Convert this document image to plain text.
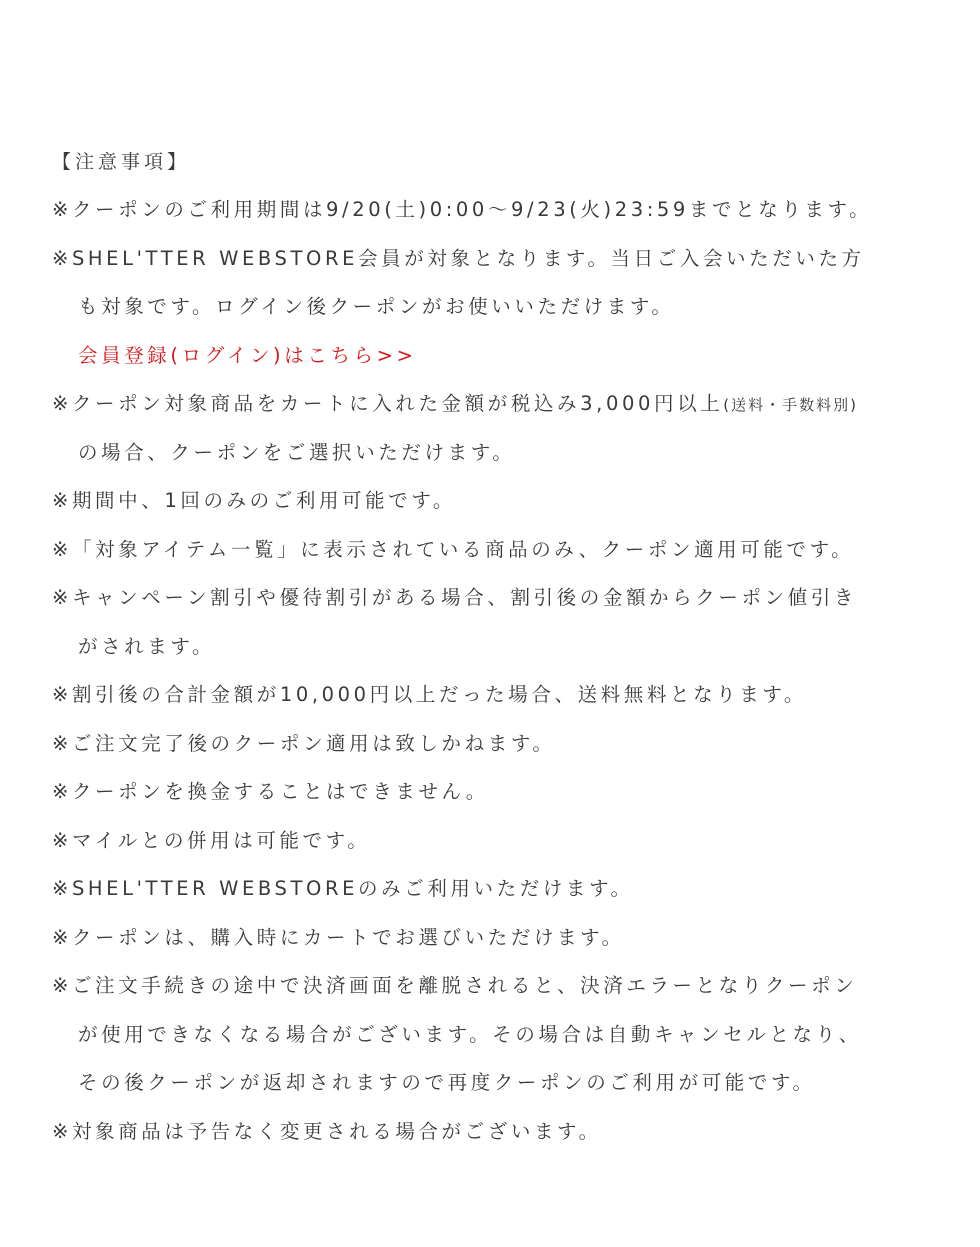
【注意事項】

※クーポンのご利用期間は9/20(土)0:00～9/23(火)23:59までとなります。

※SHEL'TTER WEBSTORE会員が対象となります。当日ご入会いただいた方
も対象です。ログイン後クーポンがお使いいただけます。

会員登録(ログイン)はこちら>>

※クーポン対象商品をカートに入れた金額が税込み3,000円以上(送料・手数料別)
の場合、クーポンをご選択いただけます。

※期間中、1回のみのご利用可能です。

※「対象アイテム一覧」に表示されている商品のみ、クーポン適用可能です。

※キャンペーン割引や優待割引がある場合、割引後の金額からクーポン値引き
がされます。

※割引後の合計金額が10,000円以上だった場合、送料無料となります。

※ご注文完了後のクーポン適用は致しかねます。

※クーポンを換金することはできません。

※マイルとの併用は可能です。

※SHEL'TTER WEBSTOREのみご利用いただけます。

※クーポンは、購入時にカートでお選びいただけます。

※ご注文手続きの途中で決済画面を離脱されると、決済エラーとなりクーポン
が使用できなくなる場合がございます。その場合は自動キャンセルとなり、
その後クーポンが返却されますので再度クーポンのご利用が可能です。

※対象商品は予告なく変更される場合がございます。
